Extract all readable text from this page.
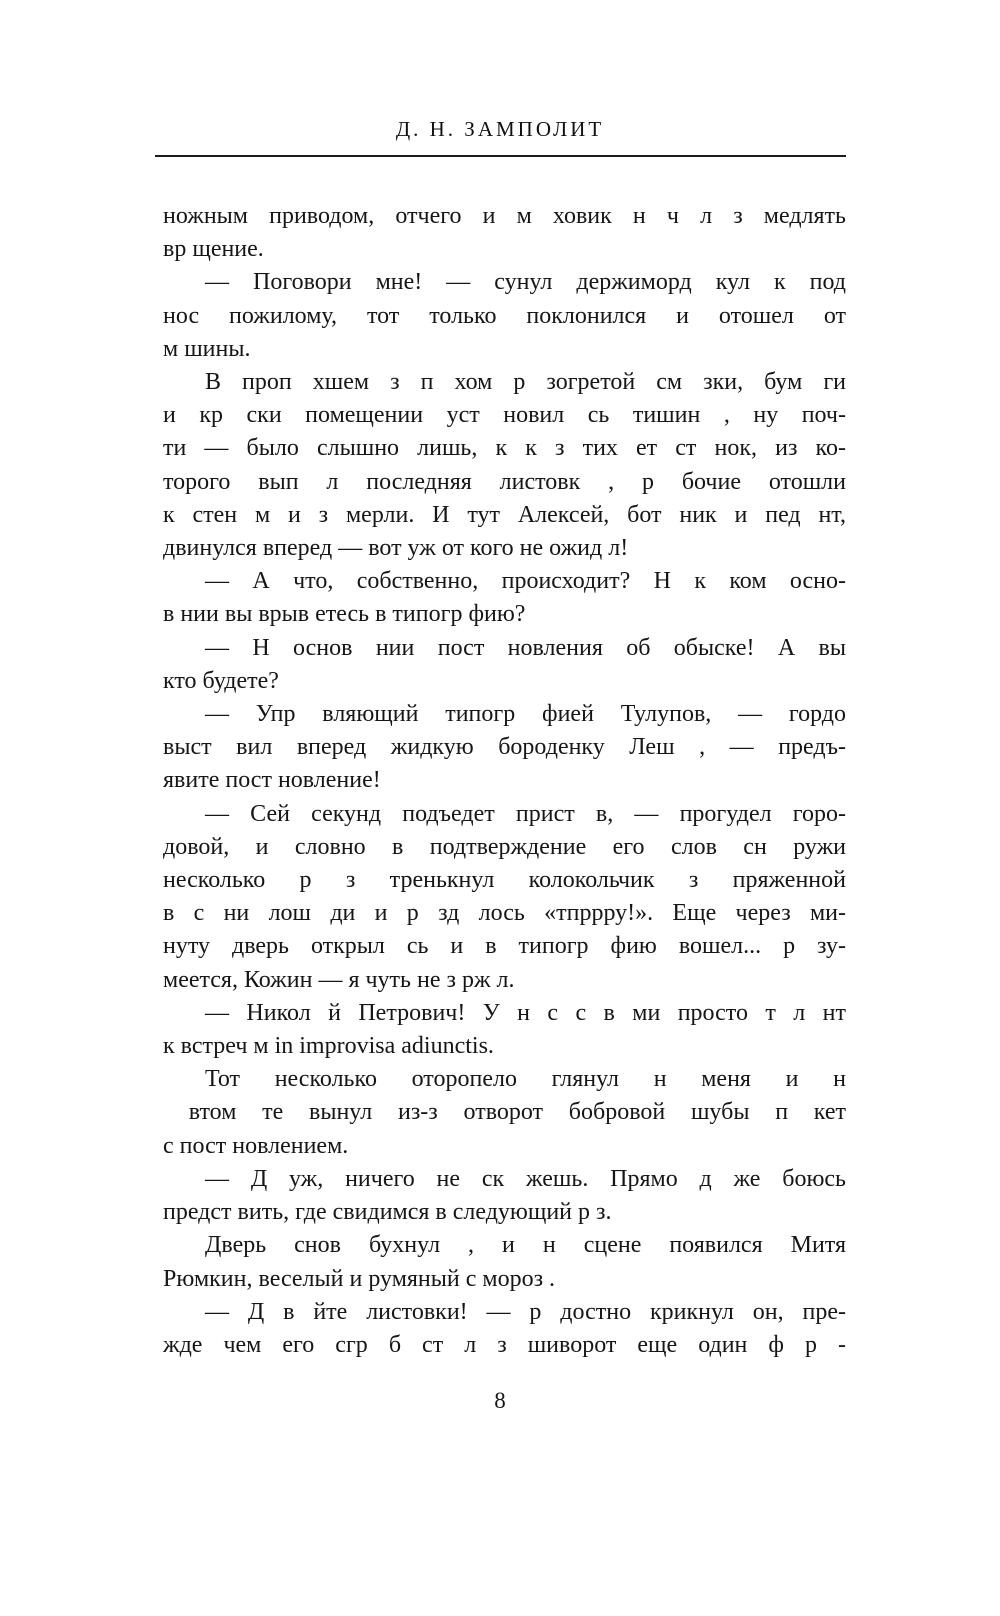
Д. Н. ЗАМПОЛИТ
ножным приводом, отчего и м ховик н ч л з медлять
вр щение.
— Поговори мне! — сунул держиморд кул к под
нос пожилому, тот только поклонился и отошел от
м шины.
В проп хшем з п хом р зогретой см зки, бум ги
и кр ски помещении уст новил сь тишин , ну поч-
ти — было слышно лишь, к к з тих ет ст нок, из ко-
торого вып л последняя листовк , р бочие отошли
к стен м и з мерли. И тут Алексей, бот ник и пед нт,
двинулся вперед — вот уж от кого не ожид л!
— А что, собственно, происходит? Н к ком осно-
в нии вы врыв етесь в типогр фию?
— Н основ нии пост новления об обыске! А вы
кто будете?
— Упр вляющий типогр фией Тулупов, — гордо
выст вил вперед жидкую бороденку Леш , — предъ-
явите пост новление!
— Сей секунд подъедет прист в, — прогудел горо-
довой, и словно в подтверждение его слов сн ружи
несколько р з тренькнул колокольчик з пряженной
в с ни лош ди и р зд лось «тпррру!». Еще через ми-
нуту дверь открыл сь и в типогр фию вошел... р зу-
меется, Кожин — я чуть не з рж л.
— Никол й Петрович! У н с с в ми просто т л нт
к встреч м in improvisa adiunctis.
Тот несколько оторопело глянул н меня и н
втом те вынул из-з отворот бобровой шубы п кет
с пост новлением.
— Д уж, ничего не ск жешь. Прямо д же боюсь
предст вить, где свидимся в следующий р з.
Дверь снов бухнул , и н сцене появился Митя
Рюмкин, веселый и румяный с мороз .
— Д в йте листовки! — р достно крикнул он, пре-
жде чем его сгр б ст л з шиворот еще один ф р -
8
